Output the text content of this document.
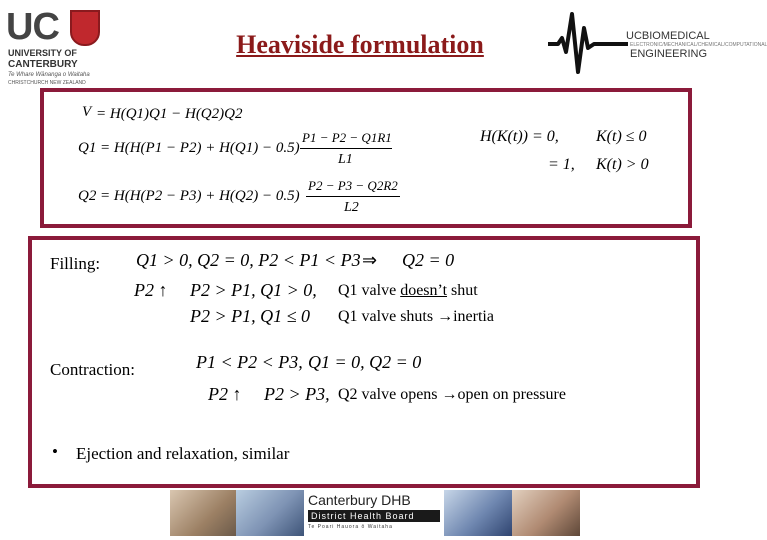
UC
UNIVERSITY OF
CANTERBURY
Te Whare Wānanga o Waitaha
CHRISTCHURCH NEW ZEALAND
Heaviside formulation	UCBIOMEDICAL
ELECTRONIC/MECHANICAL/CHEMICAL/COMPUTATIONAL
ENGINEERING
V = H(Q1)Q1 − H(Q2)Q2
Q1 = H(H(P1 − P2) + H(Q1) − 0.5)
P1 − P2 − Q1R1
L1
Q2 = H(H(P2 − P3) + H(Q2) − 0.5)
P2 − P3 − Q2R2
L2
H(K(t)) = 0, K(t) ≤ 0
= 1, K(t) > 0
Filling: Q1 > 0, Q2 = 0, P2 < P1 < P3 ⇒ Q2 = 0
P2 ↑ P2 > P1, Q1 > 0, Q1 valve doesn’t shut
P2 > P1, Q1 ≤ 0 Q1 valve shuts →inertia
Contraction:	P1 < P2 < P3, Q1 = 0, Q2 = 0
P2 ↑ P2 > P3, Q2 valve opens →open on pressure
• Ejection and relaxation, similar
Canterbury DHB
District Health Board
Te Poari Hauora ō Waitaha
